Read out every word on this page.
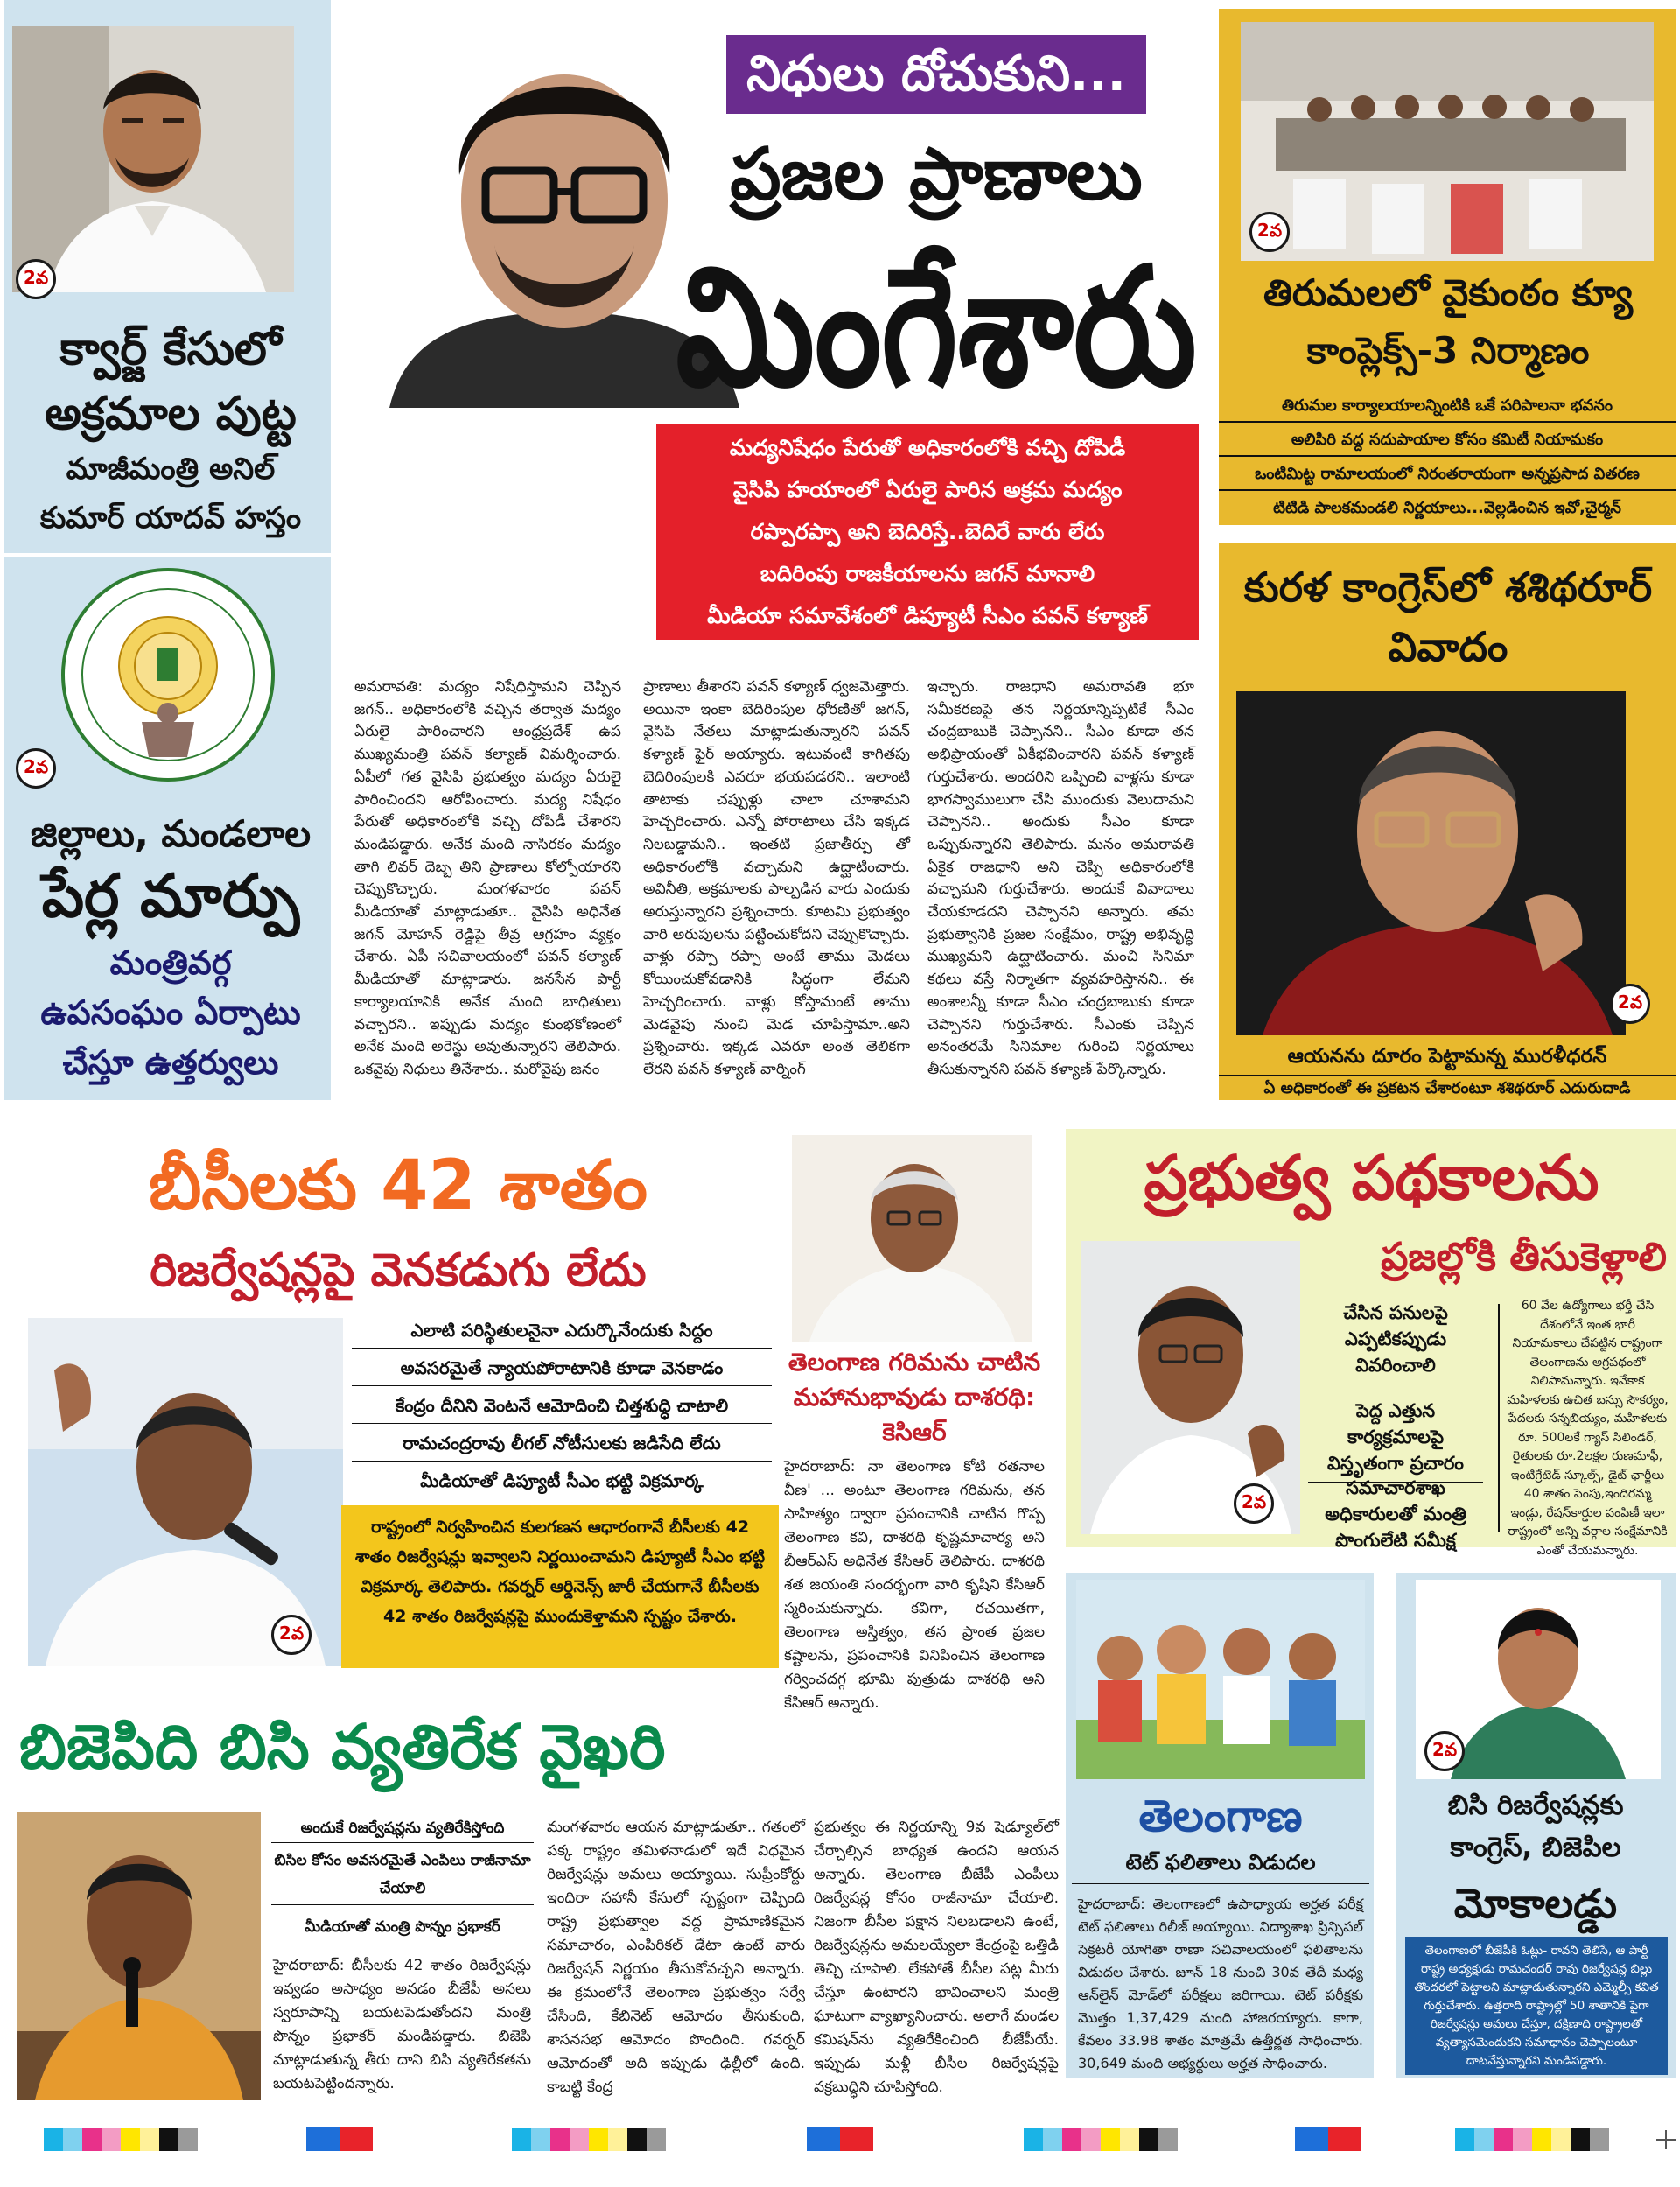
2వ
క్వార్జ్ కేసులో అక్రమాల పుట్ట
మాజీమంత్రి అనిల్ కుమార్ యాదవ్ హస్తం
2వ
జిల్లాలు, మండలాల
పేర్ల మార్పు
మంత్రివర్గ ఉపసంఘం ఏర్పాటు చేస్తూ ఉత్తర్వులు
నిధులు దోచుకుని...
ప్రజల ప్రాణాలు
మింగేశారు
మద్యనిషేధం పేరుతో అధికారంలోకి వచ్చి దోపిడీ
వైసిపి హయాంలో ఏరులై పారిన అక్రమ మద్యం
రప్పారప్పా అని బెదిరిస్తే..బెదిరే వారు లేరు
బదిరింపు రాజకీయాలను జగన్ మానాలి
మీడియా సమావేశంలో డిప్యూటీ సీఎం పవన్ కళ్యాణ్
అమరావతి: మద్యం నిషేధిస్తామని చెప్పిన జగన్.. అధికారంలోకి వచ్చిన తర్వాత మద్యం ఏరులై పారించారని ఆంధ్రప్రదేశ్ ఉప ముఖ్యమంత్రి పవన్ కల్యాణ్ విమర్శించారు. ఏపీలో గత వైసిపి ప్రభుత్వం మద్యం ఏరులై పారించిందని ఆరోపించారు. మద్య నిషేధం పేరుతో అధికారంలోకి వచ్చి దోపిడీ చేశారని మండిపడ్డారు. అనేక మంది నాసిరకం మద్యం తాగి లివర్ దెబ్బ తిని ప్రాణాలు కోల్పోయారని చెప్పుకొచ్చారు. మంగళవారం పవన్ మీడియాతో మాట్లాడుతూ.. వైసిపి అధినేత జగన్ మోహన్ రెడ్డిపై తీవ్ర ఆగ్రహం వ్యక్తం చేశారు. ఏపీ సచివాలయంలో పవన్ కల్యాణ్ మీడియాతో మాట్లాడారు. జనసేన పార్టీ కార్యాలయానికి అనేక మంది బాధితులు వచ్చారని.. ఇప్పుడు మద్యం కుంభకోణంలో అనేక మంది అరెస్టు అవుతున్నారని తెలిపారు. ఒకవైపు నిధులు తినేశారు.. మరోవైపు జనం
ప్రాణాలు తీశారని పవన్ కళ్యాణ్ ధ్వజమెత్తారు. అయినా ఇంకా బెదిరింపుల ధోరణితో జగన్, వైసిపి నేతలు మాట్లాడుతున్నారని పవన్ కళ్యాణ్ ఫైర్ అయ్యారు. ఇటువంటి కాగితపు బెదిరింపులకి ఎవరూ భయపడరని.. ఇలాంటి తాటాకు చప్పుళ్లు చాలా చూశామని హెచ్చరించారు. ఎన్నో పోరాటాలు చేసి ఇక్కడ నిలబడ్డామని.. ఇంతటి ప్రజాతీర్పు తో అధికారంలోకి వచ్చామని ఉద్ఘాటించారు. అవినీతి, అక్రమాలకు పాల్పడిన వారు ఎందుకు అరుస్తున్నారని ప్రశ్నించారు. కూటమి ప్రభుత్వం వారి అరుపులను పట్టించుకోదని చెప్పుకొచ్చారు. వాళ్లు రప్పా రప్పా అంటే తాము మెడలు కోయించుకోవడానికి సిద్ధంగా లేమని హెచ్చరించారు. వాళ్లు కోస్తామంటే తాము మెడవైపు నుంచి మెడ చూపిస్తామా..అని ప్రశ్నించారు. ఇక్కడ ఎవరూ అంత తెలికగా లేరని పవన్ కళ్యాణ్ వార్నింగ్
ఇచ్చారు. రాజధాని అమరావతి భూ సమీకరణపై తన నిర్ణయాన్నిప్పటికే సీఎం చంద్రబాబుకి చెప్పానని.. సీఎం కూడా తన అభిప్రాయంతో ఏకీభవించారని పవన్ కళ్యాణ్ గుర్తుచేశారు. అందరిని ఒప్పించి వాళ్లను కూడా భాగస్వాములుగా చేసి ముందుకు వెలుదామని చెప్పానని.. అందుకు సీఎం కూడా ఒప్పుకున్నారని తెలిపారు. మనం అమరావతి ఏకైక రాజధాని అని చెప్పి అధికారంలోకి వచ్చామని గుర్తుచేశారు. అందుకే వివాదాలు చేయకూడదని చెప్పానని అన్నారు. తమ ప్రభుత్వానికి ప్రజల సంక్షేమం, రాష్ట్ర అభివృద్ధి ముఖ్యమని ఉద్ఘాటించారు. మంచి సినిమా కథలు వస్తే నిర్మాతగా వ్యవహరిస్తానని.. ఈ అంశాలన్నీ కూడా సీఎం చంద్రబాబుకు కూడా చెప్పానని గుర్తుచేశారు. సీఎంకు చెప్పిన అనంతరమే సినిమాల గురించి నిర్ణయాలు తీసుకున్నానని పవన్ కళ్యాణ్ పేర్కొన్నారు.
2వ
తిరుమలలో వైకుంఠం క్యూ కాంప్లెక్స్-3 నిర్మాణం
తిరుమల కార్యాలయాలన్నింటికి ఒకే పరిపాలనా భవనం
అలిపిరి వద్ద సదుపాయాల కోసం కమిటీ నియామకం
ఒంటిమిట్ట రామాలయంలో నిరంతరాయంగా అన్నప్రసాద వితరణ
టిటిడి పాలకమండలి నిర్ణయాలు...వెల్లడించిన ఇవో,చైర్మన్
కురళ కాంగ్రెస్‌లో శశిథరూర్ వివాదం
2వ
ఆయనను దూరం పెట్టామన్న మురళీధరన్
ఏ అధికారంతో ఈ ప్రకటన చేశారంటూ శశిథరూర్ ఎదురుదాడి
బీసీలకు 42 శాతం
రిజర్వేషన్లపై వెనకడుగు లేదు
2వ
ఎలాటి పరిస్థితులనైనా ఎదుర్కొనేందుకు సిద్దం
అవసరమైతే న్యాయపోరాటానికి కూడా వెనకాడం
కేంద్రం దీనిని వెంటనే ఆమోదించి చిత్తశుద్ధి చాటాలి
రామచంద్రరావు లీగల్ నోటీసులకు జడిసేది లేదు
మీడియాతో డిప్యూటీ సీఎం భట్టి విక్రమార్క
రాష్ట్రంలో నిర్వహించిన కులగణన ఆధారంగానే బీసీలకు 42 శాతం రిజర్వేషన్లు ఇవ్వాలని నిర్ణయించామని డిప్యూటీ సీఎం భట్టి విక్రమార్క తెలిపారు. గవర్నర్ ఆర్డినెన్స్ జారీ చేయగానే బీసీలకు 42 శాతం రిజర్వేషన్లపై ముందుకెళ్తామని స్పష్టం చేశారు.
తెలంగాణ గరిమను చాటిన మహానుభావుడు దాశరథి: కెసిఆర్
హైదరాబాద్: నా తెలంగాణ కోటి రతనాల వీణ' ... అంటూ తెలంగాణ గరిమను, తన సాహిత్యం ద్వారా ప్రపంచానికి చాటిన గొప్ప తెలంగాణ కవి, దాశరథి కృష్ణమాచార్య అని బీఆర్ఎస్ అధినేత కేసిఆర్ తెలిపారు. దాశరథి శత జయంతి సందర్భంగా వారి కృషిని కేసిఆర్ స్మరించుకున్నారు. కవిగా, రచయితగా, తెలంగాణ అస్తిత్వం, తన ప్రాంత ప్రజల కష్టాలను, ప్రపంచానికి వినిపించిన తెలంగాణ గర్వించదగ్గ భూమి పుత్రుడు దాశరథి అని కేసిఆర్ అన్నారు.
ప్రభుత్వ పథకాలను
ప్రజల్లోకి తీసుకెళ్లాలి
2వ
చేసిన పనులపై ఎప్పటికప్పుడు వివరించాలి
పెద్ద ఎత్తున కార్యక్రమాలపై విస్తృతంగా ప్రచారం
సమాచారశాఖ అధికారులతో మంత్రి పొంగులేటి సమీక్ష
60 వేల ఉద్యోగాలు భర్తీ చేసి దేశంలోనే ఇంత భారీ నియామకాలు చేపట్టిన రాష్ట్రంగా తెలంగాణను అగ్రపథంలో నిలిపామన్నారు. ఇవేకాక మహిళలకు ఉచిత బస్సు సౌకర్యం, పేదలకు సన్నబియ్యం, మహిళలకు రూ. 500లకే గ్యాస్ సిలిండర్, రైతులకు రూ.2లక్షల రుణమాఫీ, ఇంటిగ్రేటెడ్ స్కూల్స్, డైట్ ఛార్జీలు 40 శాతం పెంపు,ఇందిరమ్మ ఇండ్లు, రేషన్‌కార్డుల పంపిణీ ఇలా రాష్ట్రంలో అన్ని వర్గాల సంక్షేమానికి ఎంతో చేయమన్నారు.
బిజెపిది బిసి వ్యతిరేక వైఖరి
అందుకే రిజర్వేషన్లను వ్యతిరేకిస్తోంది
బిసిల కోసం అవసరమైతే ఎంపిలు రాజీనామా చేయాలి
మీడియాతో మంత్రి పొన్నం ప్రభాకర్
హైదరాబాద్: బీసీలకు 42 శాతం రిజర్వేషన్లు ఇవ్వడం అసాధ్యం అనడం బీజేపీ అసలు స్వరూపాన్ని బయటపెడుతోందని మంత్రి పొన్నం ప్రభాకర్ మండిపడ్డారు. బిజెపి మాట్లాడుతున్న తీరు దాని బిసి వ్యతిరేకతను బయటపెట్టిందన్నారు.
మంగళవారం ఆయన మాట్లాడుతూ.. గతంలో పక్క రాష్ట్రం తమిళనాడులో ఇదే విధమైన రిజర్వేషన్లు అమలు అయ్యాయి. సుప్రీంకోర్టు ఇందిరా సహానీ కేసులో స్పష్టంగా చెప్పింది రాష్ట్ర ప్రభుత్వాల వద్ద ప్రామాణికమైన సమాచారం, ఎంపిరికల్ డేటా ఉంటే వారు రిజర్వేషన్ నిర్ణయం తీసుకోవచ్చని అన్నారు. ఈ క్రమంలోనే తెలంగాణ ప్రభుత్వం సర్వే చేసింది, కేబినెట్ ఆమోదం తీసుకుంది, శాసనసభ ఆమోదం పొందింది. గవర్నర్ ఆమోదంతో అది ఇప్పుడు ఢిల్లీలో ఉంది. కాబట్టి కేంద్ర
ప్రభుత్వం ఈ నిర్ణయాన్ని 9వ షెడ్యూల్‌లో చేర్చాల్సిన బాధ్యత ఉందని ఆయన అన్నారు. తెలంగాణ బీజేపీ ఎంపీలు రిజర్వేషన్ల కోసం రాజీనామా చేయాలి. నిజంగా బీసీల పక్షాన నిలబడాలని ఉంటే, రిజర్వేషన్లను అమలయ్యేలా కేంద్రంపై ఒత్తిడి తెచ్చి చూపాలి. లేకపోతే బీసీల పట్ల మీరు చేస్తూ ఉంటారని భావించాలని మంత్రి ఘాటుగా వ్యాఖ్యానించారు. అలాగే మండల కమిషన్‌ను వ్యతిరేకించింది బీజేపీయే. ఇప్పుడు మళ్లీ బీసీల రిజర్వేషన్లపై వక్రబుద్ధిని చూపిస్తోంది.
తెలంగాణ
టెట్ ఫలితాలు విడుదల
హైదరాబాద్: తెలంగాణలో ఉపాధ్యాయ అర్హత పరీక్ష టెట్ ఫలితాలు రిలీజ్ అయ్యాయి. విద్యాశాఖ ప్రిన్సిపల్ సెక్రటరీ యోగితా రాణా సచివాలయంలో ఫలితాలను విడుదల చేశారు. జూన్ 18 నుంచి 30వ తేదీ మధ్య ఆన్‌లైన్ మోడ్‌లో పరీక్షలు జరిగాయి. టెట్ పరీక్షకు మొత్తం 1,37,429 మంది హాజరయ్యారు. కాగా, కేవలం 33.98 శాతం మాత్రమే ఉత్తీర్ణత సాధించారు. 30,649 మంది అభ్యర్థులు అర్హత సాధించారు.
2వ
బిసి రిజర్వేషన్లకు
కాంగ్రెస్, బిజెపిల
మోకాలడ్డు
తెలంగాణలో బీజేపీకి ఓట్లు- రావని తెలిసే, ఆ పార్టీ రాష్ట్ర అధ్యక్షుడు రామచందర్ రావు రిజర్వేషన్ల బిల్లు తొందరలో పెట్టాలని మాట్లాడుతున్నారని ఎమ్మెల్సీ కవిత గుర్తుచేశారు. ఉత్తరాది రాష్ట్రాల్లో 50 శాతానికి పైగా రిజర్వేషన్లు అమలు చేస్తూ, దక్షిణాది రాష్ట్రాలతో వ్యత్యాసమెందుకని సమాధానం చెప్పాలంటూ దాటవేస్తున్నారని మండిపడ్డారు.
